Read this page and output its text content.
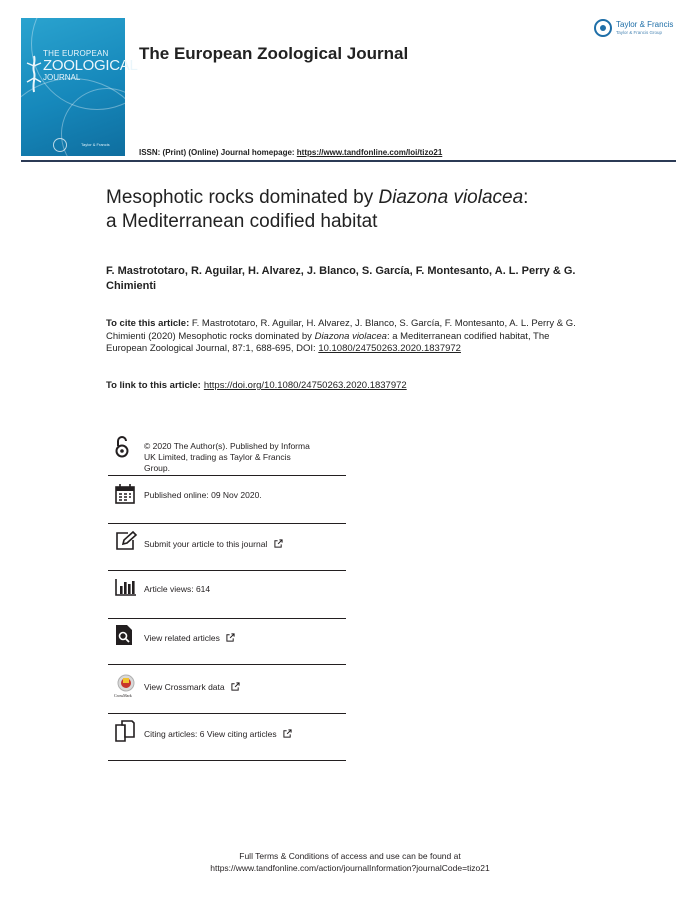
THE EUROPEAN
ZOOLOGICAL
JOURNAL
Taylor & Francis
The European Zoological Journal
Taylor & Francis
Taylor & Francis Group
ISSN: (Print) (Online) Journal homepage: https://www.tandfonline.com/loi/tizo21
Mesophotic rocks dominated by Diazona violacea:
a Mediterranean codified habitat
F. Mastrototaro, R. Aguilar, H. Alvarez, J. Blanco, S. García, F. Montesanto, A. L. Perry & G. Chimienti
To cite this article: F. Mastrototaro, R. Aguilar, H. Alvarez, J. Blanco, S. García, F. Montesanto, A. L. Perry & G. Chimienti (2020) Mesophotic rocks dominated by Diazona violacea: a Mediterranean codified habitat, The European Zoological Journal, 87:1, 688-695, DOI: 10.1080/24750263.2020.1837972
To link to this article: https://doi.org/10.1080/24750263.2020.1837972
© 2020 The Author(s). Published by Informa
UK Limited, trading as Taylor & Francis
Group.
Published online: 09 Nov 2020.
Submit your article to this journal
Article views: 614
View related articles
CrossMark
View Crossmark data
Citing articles: 6 View citing articles
Full Terms & Conditions of access and use can be found at
https://www.tandfonline.com/action/journalInformation?journalCode=tizo21
